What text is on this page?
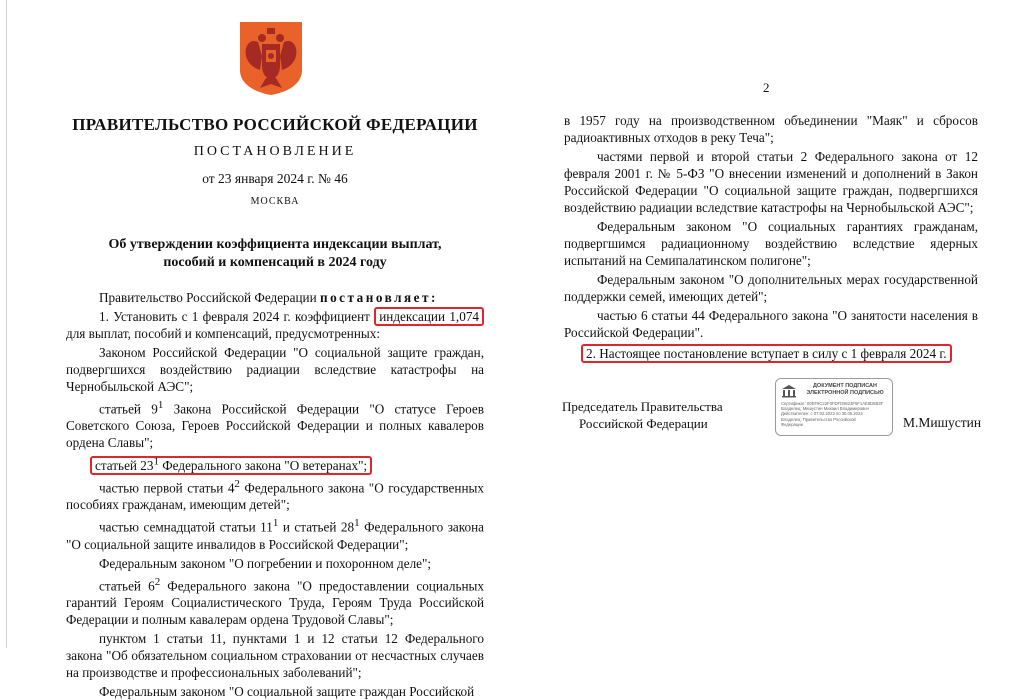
ПРАВИТЕЛЬСТВО РОССИЙСКОЙ ФЕДЕРАЦИИ
ПОСТАНОВЛЕНИЕ
от 23 января 2024 г. № 46
МОСКВА
Об утверждении коэффициента индексации выплат,
пособий и компенсаций в 2024 году

Правительство Российской Федерации постановляет:

1. Установить с 1 февраля 2024 г. коэффициент индексации 1,074 для выплат, пособий и компенсаций, предусмотренных:

Законом Российской Федерации "О социальной защите граждан, подвергшихся воздействию радиации вследствие катастрофы на Чернобыльской АЭС";

статьей $9^1$ Закона Российской Федерации "О статусе Героев Советского Союза, Героев Российской Федерации и полных кавалеров ордена Славы";

статьей $23^1$ Федерального закона "О ветеранах";

частью первой статьи $4^2$ Федерального закона "О государственных пособиях гражданам, имеющим детей";

частью семнадцатой статьи $11^1$ и статьей $28^1$ Федерального закона "О социальной защите инвалидов в Российской Федерации";

Федеральным законом "О погребении и похоронном деле";

статьей $6^2$ Федерального закона "О предоставлении социальных гарантий Героям Социалистического Труда, Героям Труда Российской Федерации и полным кавалерам ордена Трудовой Славы";

пунктом 1 статьи 11, пунктами 1 и 12 статьи 12 Федерального закона "Об обязательном социальном страховании от несчастных случаев на производстве и профессиональных заболеваний";

Федеральным законом "О социальной защите граждан Российской

2

в 1957 году на производственном объединении "Маяк" и сбросов радиоактивных отходов в реку Теча";

частями первой и второй статьи 2 Федерального закона от 12 февраля 2001 г. № 5-ФЗ "О внесении изменений и дополнений в Закон Российской Федерации "О социальной защите граждан, подвергшихся воздействию радиации вследствие катастрофы на Чернобыльской АЭС";

Федеральным законом "О социальных гарантиях гражданам, подвергшимся радиационному воздействию вследствие ядерных испытаний на Семипалатинском полигоне";

Федеральным законом "О дополнительных мерах государственной поддержки семей, имеющих детей";

частью 6 статьи 44 Федерального закона "О занятости населения в Российской Федерации".

2. Настоящее постановление вступает в силу с 1 февраля 2024 г.

Председатель Правительства
Российской Федерации
ДОКУМЕНТ ПОДПИСАН ЭЛЕКТРОННОЙ ПОДПИСЬЮ
Сертификат: 00EF9C22F0FDFD9823F5F1AE8D6B3F
Владелец: Мишустин Михаил Владимирович
Действителен: с 07.02.2023 по 30.05.2024
Владелец: Правительство Российской
Федерации	М.Мишустин
